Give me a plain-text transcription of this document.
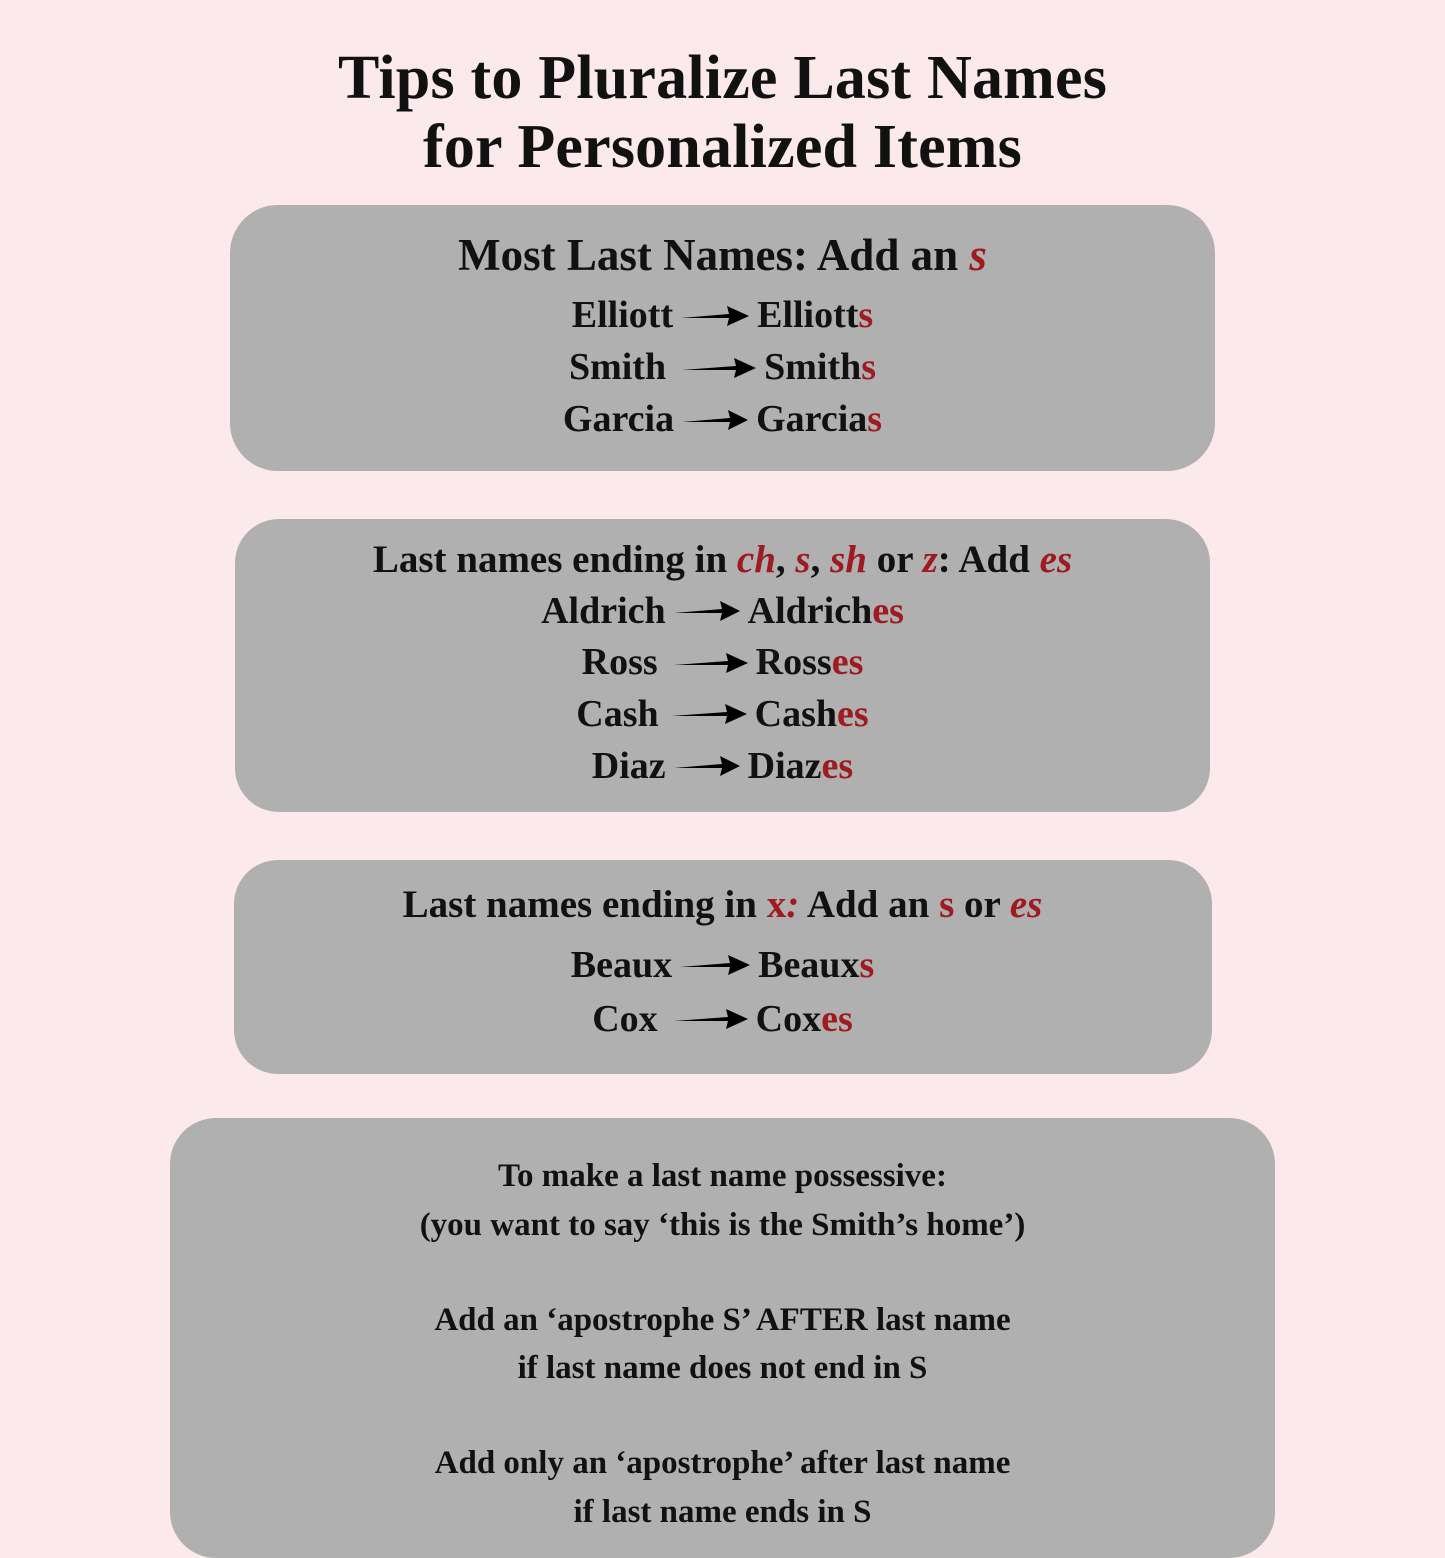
Tips to Pluralize Last Names
for Personalized Items
Most Last Names: Add an s
Elliott Elliotts
Smith	Smiths
Garcia Garcias
Last names ending in ch, s, sh or z: Add es
Aldrich Aldriches
Ross	Rosses
Cash	Cashes
Diaz Diazes
Last names ending in x: Add an s or es
Beaux Beauxs
Cox	Coxes
To make a last name possessive:
(you want to say ‘this is the Smith’s home’)
Add an ‘apostrophe S’ AFTER last name
if last name does not end in S
Add only an ‘apostrophe’ after last name
if last name ends in S
